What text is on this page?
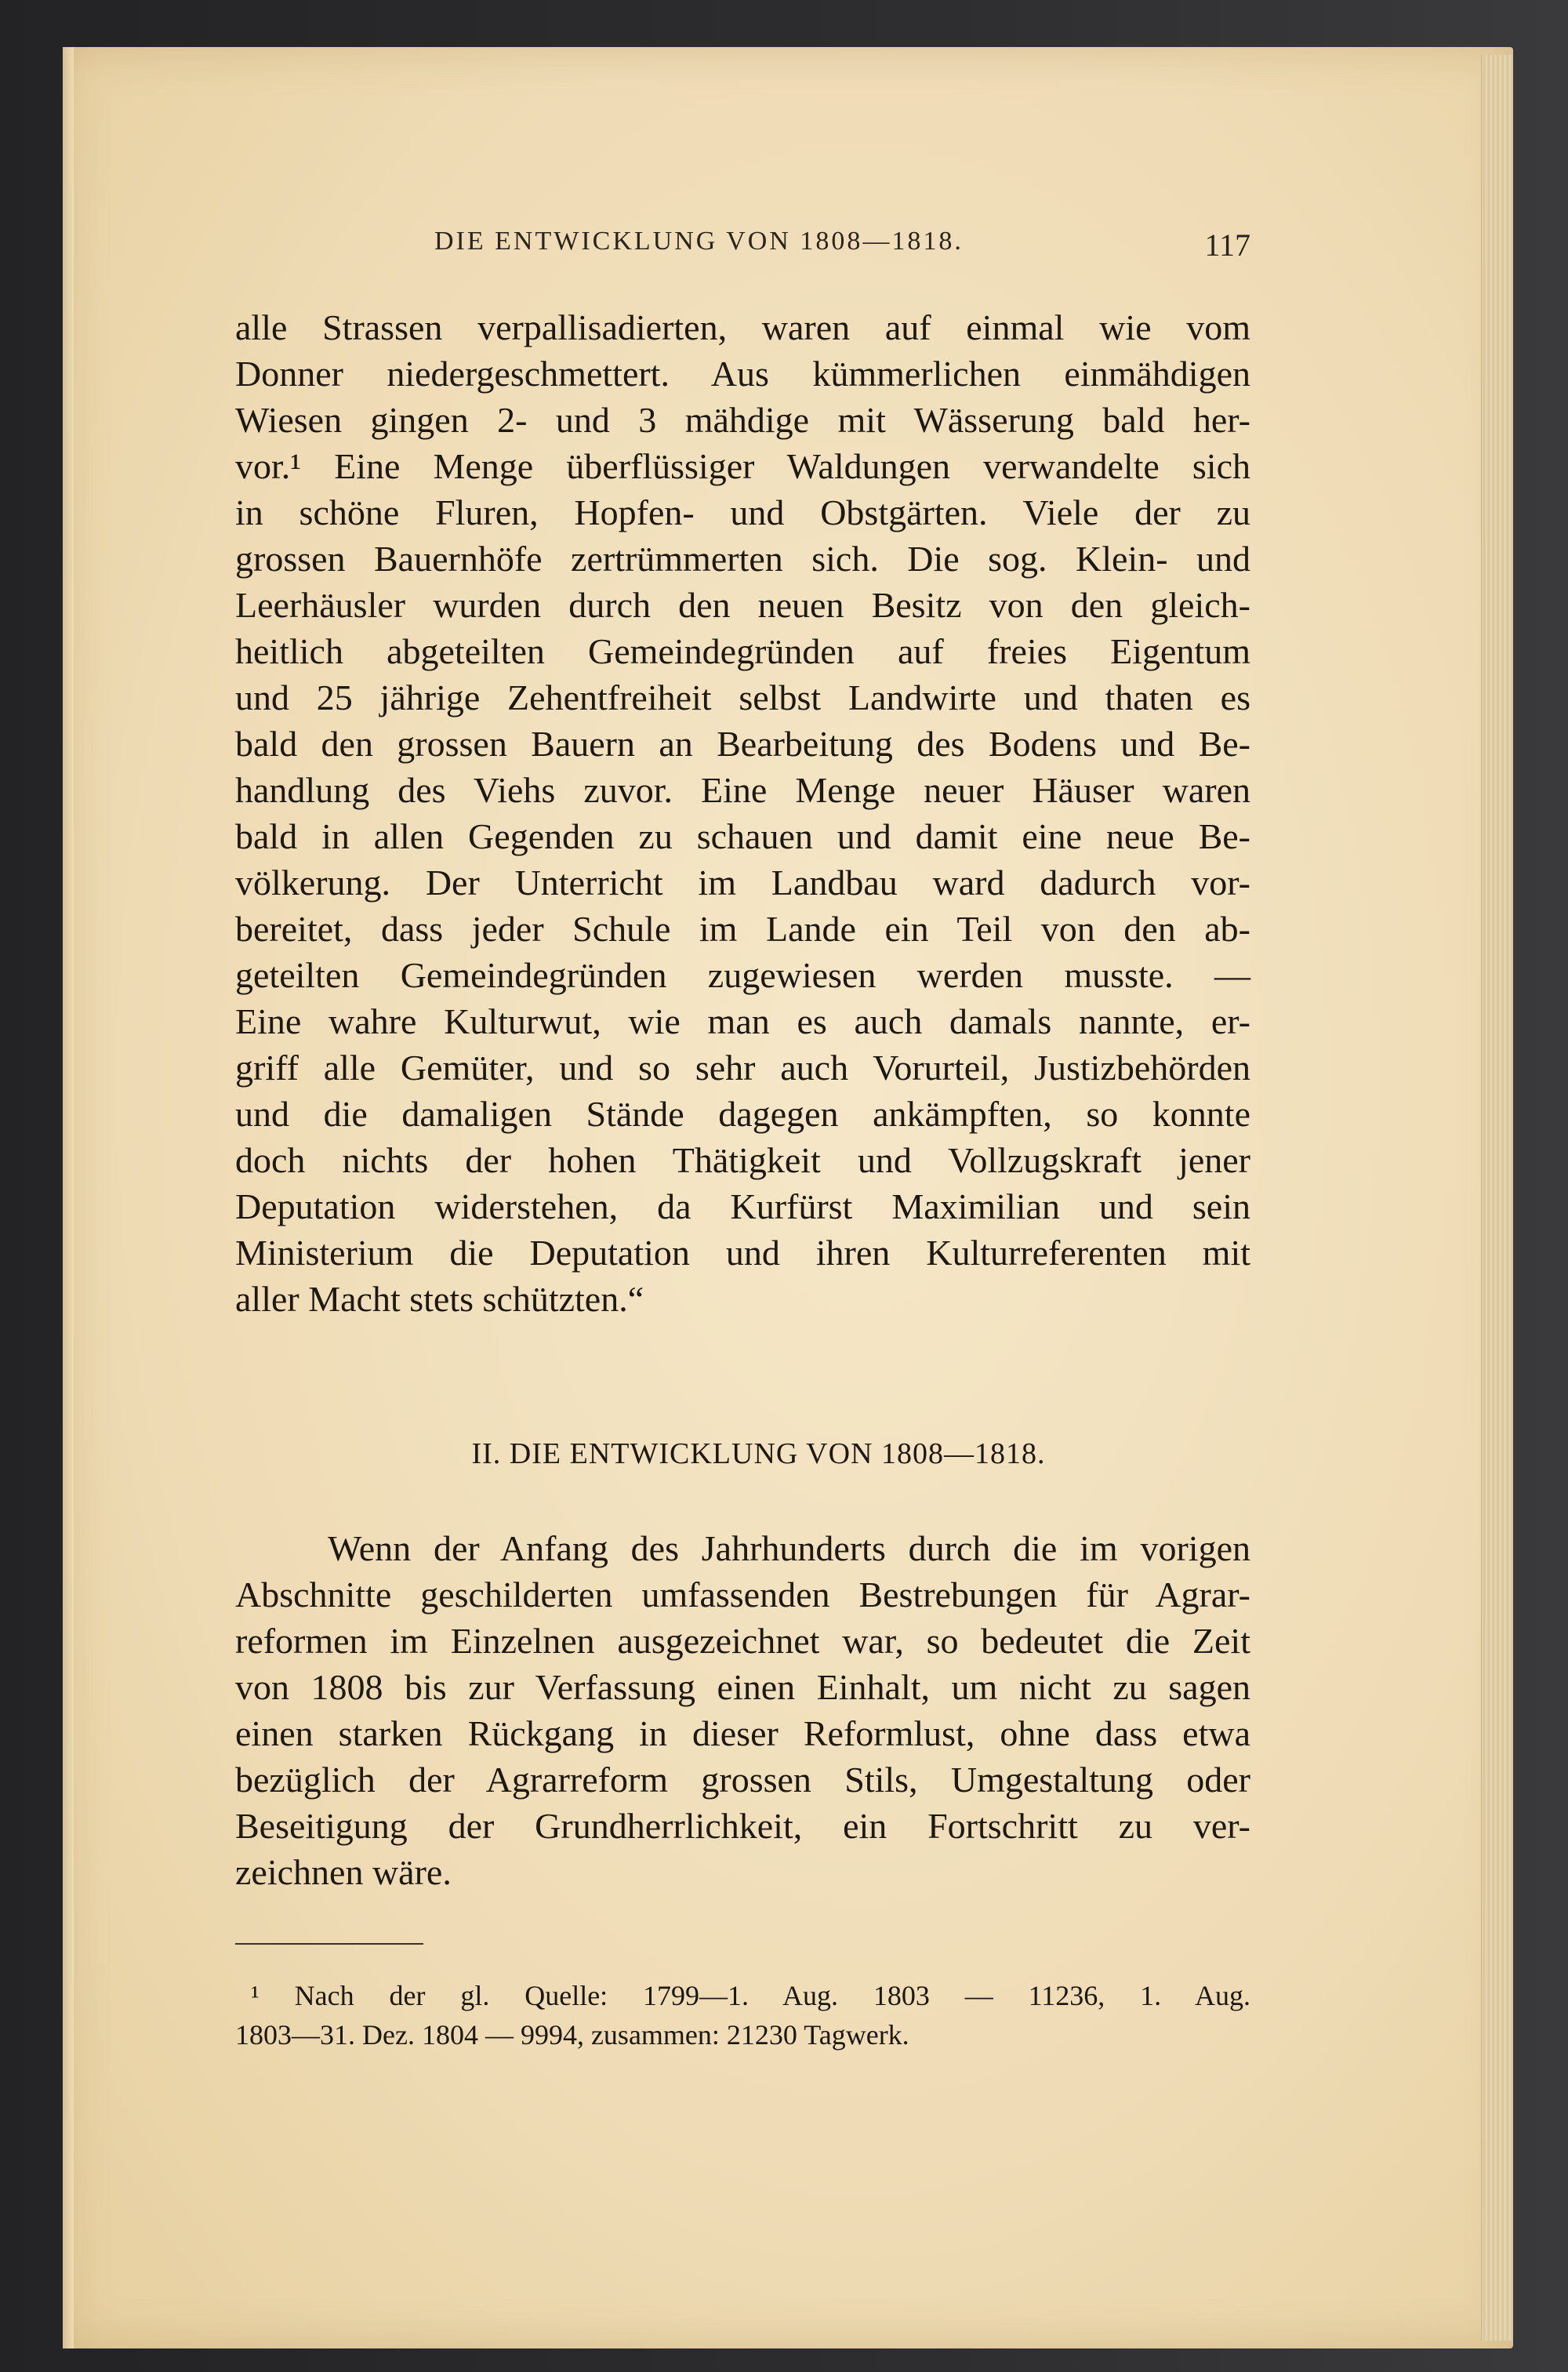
DIE ENTWICKLUNG VON 1808—1818.	117
alle Strassen verpallisadierten, waren auf einmal wie vom
Donner niedergeschmettert. Aus kümmerlichen einmähdigen
Wiesen gingen 2- und 3 mähdige mit Wässerung bald her-
vor.¹ Eine Menge überflüssiger Waldungen verwandelte sich
in schöne Fluren, Hopfen- und Obstgärten. Viele der zu
grossen Bauernhöfe zertrümmerten sich. Die sog. Klein- und
Leerhäusler wurden durch den neuen Besitz von den gleich-
heitlich abgeteilten Gemeindegründen auf freies Eigentum
und 25 jährige Zehentfreiheit selbst Landwirte und thaten es
bald den grossen Bauern an Bearbeitung des Bodens und Be-
handlung des Viehs zuvor. Eine Menge neuer Häuser waren
bald in allen Gegenden zu schauen und damit eine neue Be-
völkerung. Der Unterricht im Landbau ward dadurch vor-
bereitet, dass jeder Schule im Lande ein Teil von den ab-
geteilten Gemeindegründen zugewiesen werden musste. —
Eine wahre Kulturwut, wie man es auch damals nannte, er-
griff alle Gemüter, und so sehr auch Vorurteil, Justizbehörden
und die damaligen Stände dagegen ankämpften, so konnte
doch nichts der hohen Thätigkeit und Vollzugskraft jener
Deputation widerstehen, da Kurfürst Maximilian und sein
Ministerium die Deputation und ihren Kulturreferenten mit
aller Macht stets schützten.“
II. DIE ENTWICKLUNG VON 1808—1818.
Wenn der Anfang des Jahrhunderts durch die im vorigen
Abschnitte geschilderten umfassenden Bestrebungen für Agrar-
reformen im Einzelnen ausgezeichnet war, so bedeutet die Zeit
von 1808 bis zur Verfassung einen Einhalt, um nicht zu sagen
einen starken Rückgang in dieser Reformlust, ohne dass etwa
bezüglich der Agrarreform grossen Stils, Umgestaltung oder
Beseitigung der Grundherrlichkeit, ein Fortschritt zu ver-
zeichnen wäre.
¹ Nach der gl. Quelle: 1799—1. Aug. 1803 — 11236, 1. Aug.
1803—31. Dez. 1804 — 9994, zusammen: 21230 Tagwerk.
